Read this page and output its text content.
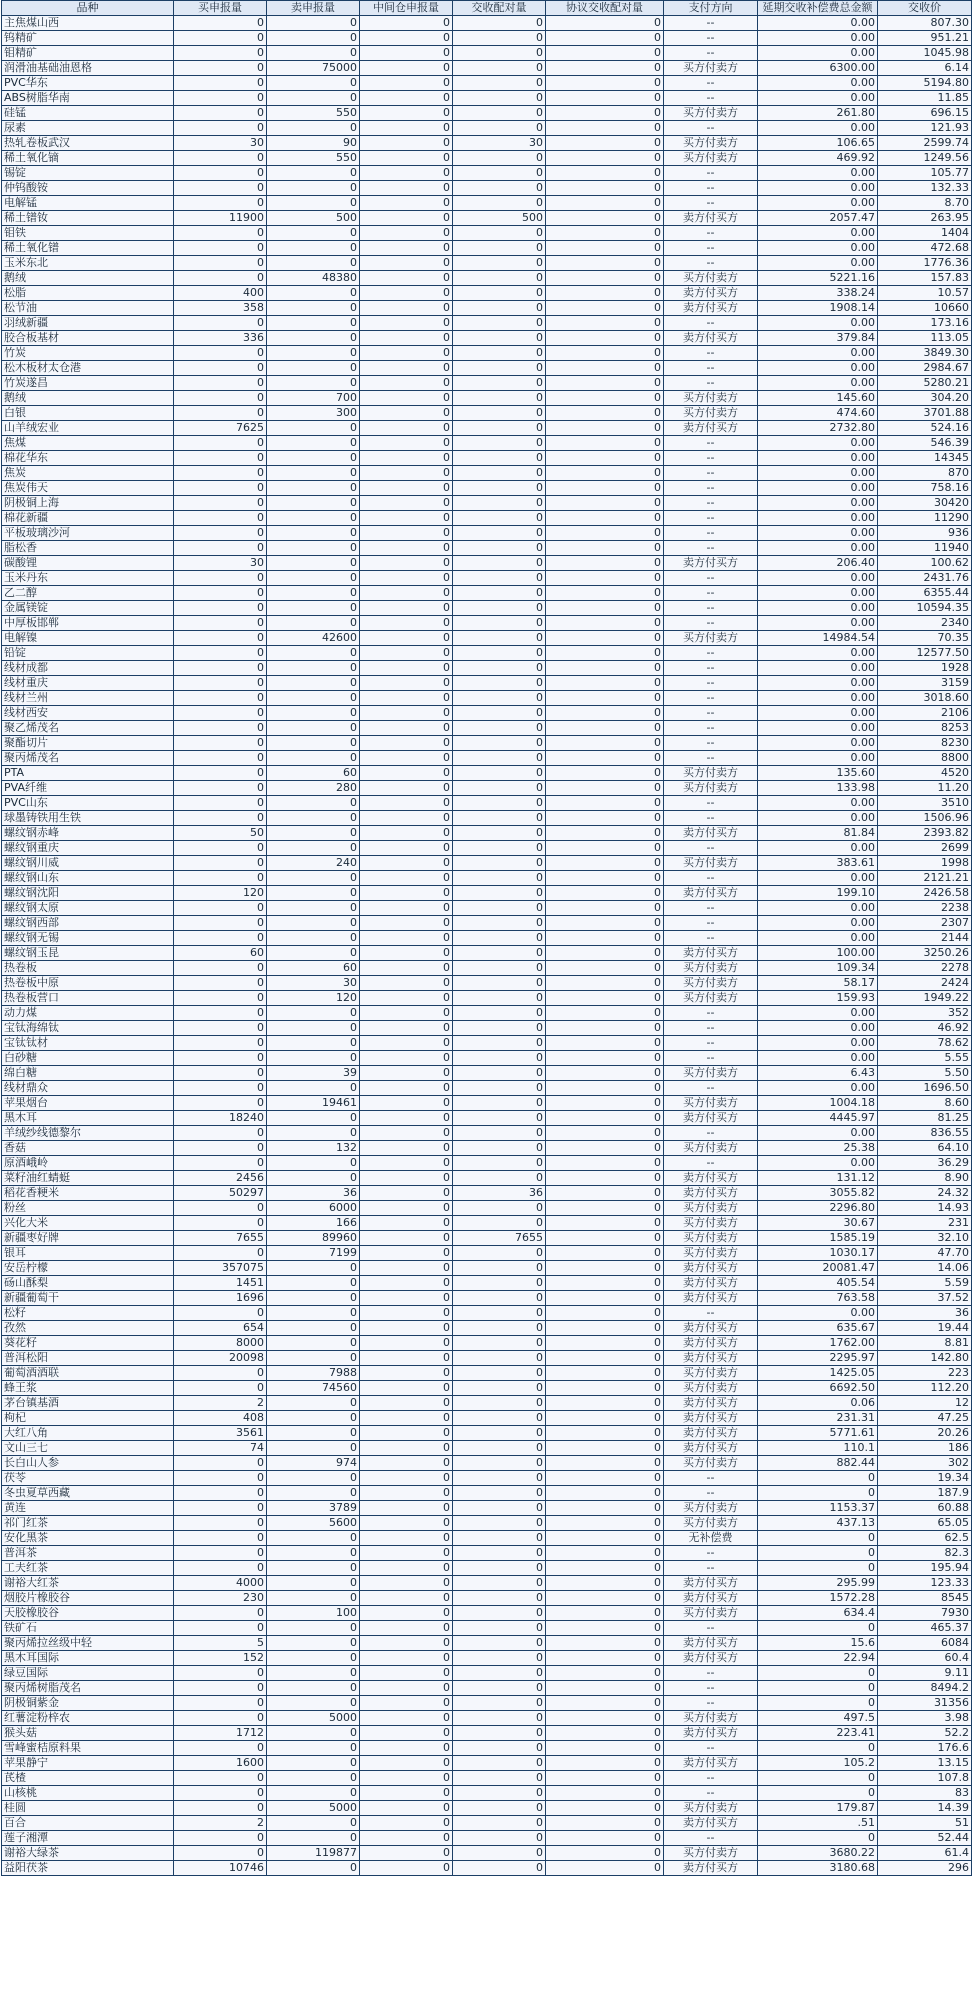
品种	买申报量	卖申报量	中间仓申报量	交收配对量	协议交收配对量	支付方向	延期交收补偿费总金额	交收价
主焦煤山西	0	0	0	0	0	--	0.00	807.30
钨精矿	0	0	0	0	0	--	0.00	951.21
钼精矿	0	0	0	0	0	--	0.00	1045.98
润滑油基础油恩格	0	75000	0	0	0	买方付卖方	6300.00	6.14
PVC华东	0	0	0	0	0	--	0.00	5194.80
ABS树脂华南	0	0	0	0	0	--	0.00	11.85
硅锰	0	550	0	0	0	买方付卖方	261.80	696.15
尿素	0	0	0	0	0	--	0.00	121.93
热轧卷板武汉	30	90	0	30	0	买方付卖方	106.65	2599.74
稀土氧化镝	0	550	0	0	0	买方付卖方	469.92	1249.56
锡锭	0	0	0	0	0	--	0.00	105.77
仲钨酸铵	0	0	0	0	0	--	0.00	132.33
电解锰	0	0	0	0	0	--	0.00	8.70
稀土镨钕	11900	500	0	500	0	卖方付买方	2057.47	263.95
钼铁	0	0	0	0	0	--	0.00	1404
稀土氧化镨	0	0	0	0	0	--	0.00	472.68
玉米东北	0	0	0	0	0	--	0.00	1776.36
鹅绒	0	48380	0	0	0	买方付卖方	5221.16	157.83
松脂	400	0	0	0	0	卖方付买方	338.24	10.57
松节油	358	0	0	0	0	卖方付买方	1908.14	10660
羽绒新疆	0	0	0	0	0	--	0.00	173.16
胶合板基材	336	0	0	0	0	卖方付买方	379.84	113.05
竹炭	0	0	0	0	0	--	0.00	3849.30
松木板材太仓港	0	0	0	0	0	--	0.00	2984.67
竹炭遂昌	0	0	0	0	0	--	0.00	5280.21
鹅绒	0	700	0	0	0	买方付卖方	145.60	304.20
白银	0	300	0	0	0	买方付卖方	474.60	3701.88
山羊绒宏业	7625	0	0	0	0	卖方付买方	2732.80	524.16
焦煤	0	0	0	0	0	--	0.00	546.39
棉花华东	0	0	0	0	0	--	0.00	14345
焦炭	0	0	0	0	0	--	0.00	870
焦炭伟天	0	0	0	0	0	--	0.00	758.16
阴极铜上海	0	0	0	0	0	--	0.00	30420
棉花新疆	0	0	0	0	0	--	0.00	11290
平板玻璃沙河	0	0	0	0	0	--	0.00	936
脂松香	0	0	0	0	0	--	0.00	11940
碳酸锂	30	0	0	0	0	卖方付买方	206.40	100.62
玉米丹东	0	0	0	0	0	--	0.00	2431.76
乙二醇	0	0	0	0	0	--	0.00	6355.44
金属镁锭	0	0	0	0	0	--	0.00	10594.35
中厚板邯郸	0	0	0	0	0	--	0.00	2340
电解镍	0	42600	0	0	0	买方付卖方	14984.54	70.35
铅锭	0	0	0	0	0	--	0.00	12577.50
线材成都	0	0	0	0	0	--	0.00	1928
线材重庆	0	0	0	0	0	--	0.00	3159
线材兰州	0	0	0	0	0	--	0.00	3018.60
线材西安	0	0	0	0	0	--	0.00	2106
聚乙烯茂名	0	0	0	0	0	--	0.00	8253
聚酯切片	0	0	0	0	0	--	0.00	8230
聚丙烯茂名	0	0	0	0	0	--	0.00	8800
PTA	0	60	0	0	0	买方付卖方	135.60	4520
PVA纤维	0	280	0	0	0	买方付卖方	133.98	11.20
PVC山东	0	0	0	0	0	--	0.00	3510
球墨铸铁用生铁	0	0	0	0	0	--	0.00	1506.96
螺纹钢赤峰	50	0	0	0	0	卖方付买方	81.84	2393.82
螺纹钢重庆	0	0	0	0	0	--	0.00	2699
螺纹钢川威	0	240	0	0	0	买方付卖方	383.61	1998
螺纹钢山东	0	0	0	0	0	--	0.00	2121.21
螺纹钢沈阳	120	0	0	0	0	卖方付买方	199.10	2426.58
螺纹钢太原	0	0	0	0	0	--	0.00	2238
螺纹钢西部	0	0	0	0	0	--	0.00	2307
螺纹钢无锡	0	0	0	0	0	--	0.00	2144
螺纹钢玉昆	60	0	0	0	0	卖方付买方	100.00	3250.26
热卷板	0	60	0	0	0	买方付卖方	109.34	2278
热卷板中原	0	30	0	0	0	买方付卖方	58.17	2424
热卷板营口	0	120	0	0	0	买方付卖方	159.93	1949.22
动力煤	0	0	0	0	0	--	0.00	352
宝钛海绵钛	0	0	0	0	0	--	0.00	46.92
宝钛钛材	0	0	0	0	0	--	0.00	78.62
白砂糖	0	0	0	0	0	--	0.00	5.55
绵白糖	0	39	0	0	0	买方付卖方	6.43	5.50
线材鼎众	0	0	0	0	0	--	0.00	1696.50
苹果烟台	0	19461	0	0	0	买方付卖方	1004.18	8.60
黑木耳	18240	0	0	0	0	卖方付买方	4445.97	81.25
羊绒纱线德黎尔	0	0	0	0	0	--	0.00	836.55
香菇	0	132	0	0	0	买方付卖方	25.38	64.10
原酒峨岭	0	0	0	0	0	--	0.00	36.29
菜籽油红蜻蜓	2456	0	0	0	0	卖方付买方	131.12	8.90
稻花香粳米	50297	36	0	36	0	卖方付买方	3055.82	24.32
粉丝	0	6000	0	0	0	买方付卖方	2296.80	14.93
兴化大米	0	166	0	0	0	买方付卖方	30.67	231
新疆枣好牌	7655	89960	0	7655	0	买方付卖方	1585.19	32.10
银耳	0	7199	0	0	0	买方付卖方	1030.17	47.70
安岳柠檬	357075	0	0	0	0	卖方付买方	20081.47	14.06
砀山酥梨	1451	0	0	0	0	卖方付买方	405.54	5.59
新疆葡萄干	1696	0	0	0	0	卖方付买方	763.58	37.52
松籽	0	0	0	0	0	--	0.00	36
孜然	654	0	0	0	0	卖方付买方	635.67	19.44
葵花籽	8000	0	0	0	0	卖方付买方	1762.00	8.81
普洱松阳	20098	0	0	0	0	卖方付买方	2295.97	142.80
葡萄酒酒联	0	7988	0	0	0	买方付卖方	1425.05	223
蜂王浆	0	74560	0	0	0	买方付卖方	6692.50	112.20
茅台镇基酒	2	0	0	0	0	卖方付买方	0.06	12
枸杞	408	0	0	0	0	卖方付买方	231.31	47.25
大红八角	3561	0	0	0	0	卖方付买方	5771.61	20.26
文山三七	74	0	0	0	0	卖方付买方	110.1	186
长白山人参	0	974	0	0	0	买方付卖方	882.44	302
茯苓	0	0	0	0	0	--	0	19.34
冬虫夏草西藏	0	0	0	0	0	--	0	187.9
黄连	0	3789	0	0	0	买方付卖方	1153.37	60.88
祁门红茶	0	5600	0	0	0	买方付卖方	437.13	65.05
安化黑茶	0	0	0	0	0	无补偿费	0	62.5
普洱茶	0	0	0	0	0	--	0	82.3
工夫红茶	0	0	0	0	0	--	0	195.94
谢裕大红茶	4000	0	0	0	0	卖方付买方	295.99	123.33
烟胶片橡胶谷	230	0	0	0	0	卖方付买方	1572.28	8545
天胶橡胶谷	0	100	0	0	0	买方付卖方	634.4	7930
铁矿石	0	0	0	0	0	--	0	465.37
聚丙烯拉丝级中轻	5	0	0	0	0	卖方付买方	15.6	6084
黑木耳国际	152	0	0	0	0	卖方付买方	22.94	60.4
绿豆国际	0	0	0	0	0	--	0	9.11
聚丙烯树脂茂名	0	0	0	0	0	--	0	8494.2
阴极铜紫金	0	0	0	0	0	--	0	31356
红薯淀粉梓农	0	5000	0	0	0	买方付卖方	497.5	3.98
猴头菇	1712	0	0	0	0	卖方付买方	223.41	52.2
雪峰蜜桔原料果	0	0	0	0	0	--	0	176.6
苹果静宁	1600	0	0	0	0	卖方付买方	105.2	13.15
芪楂	0	0	0	0	0	--	0	107.8
山核桃	0	0	0	0	0	--	0	83
桂圆	0	5000	0	0	0	买方付卖方	179.87	14.39
百合	2	0	0	0	0	卖方付买方	.51	51
莲子湘潭	0	0	0	0	0	--	0	52.44
谢裕大绿茶	0	119877	0	0	0	买方付卖方	3680.22	61.4
益阳茯茶	10746	0	0	0	0	卖方付买方	3180.68	296
